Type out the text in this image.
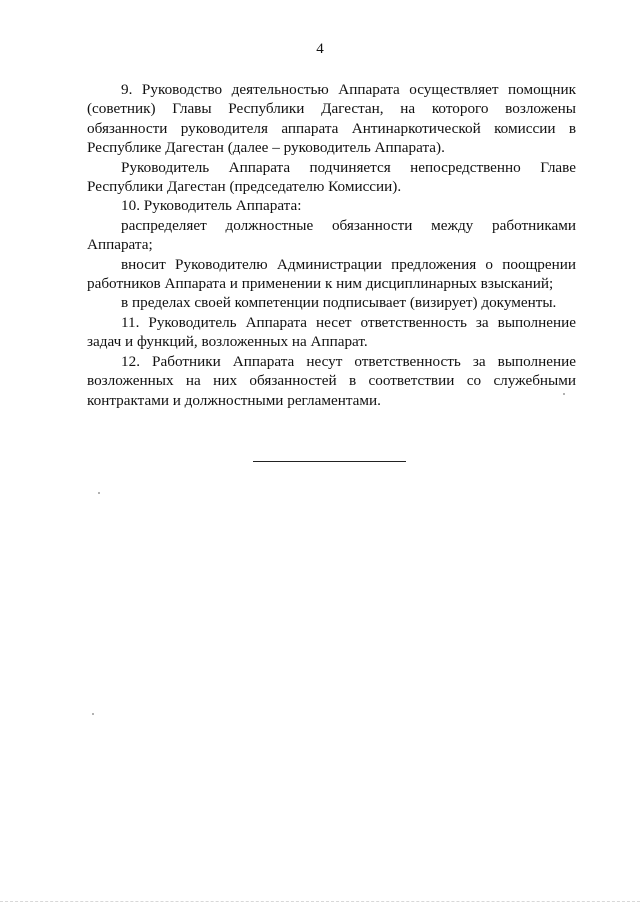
4

9. Руководство деятельностью Аппарата осуществляет помощник (советник) Главы Республики Дагестан, на которого возложены обязанности руководителя аппарата Антинаркотической комиссии в Республике Дагестан (далее – руководитель Аппарата).

Руководитель Аппарата подчиняется непосредственно Главе Республики Дагестан (председателю Комиссии).

10. Руководитель Аппарата:

распределяет должностные обязанности между работниками Аппарата;

вносит Руководителю Администрации предложения о поощрении работников Аппарата и применении к ним дисциплинарных взысканий;

в пределах своей компетенции подписывает (визирует) документы.

11. Руководитель Аппарата несет ответственность за выполнение задач и функций, возложенных на Аппарат.

12. Работники Аппарата несут ответственность за выполнение возложенных на них обязанностей в соответствии со служебными контрактами и должностными регламентами.
